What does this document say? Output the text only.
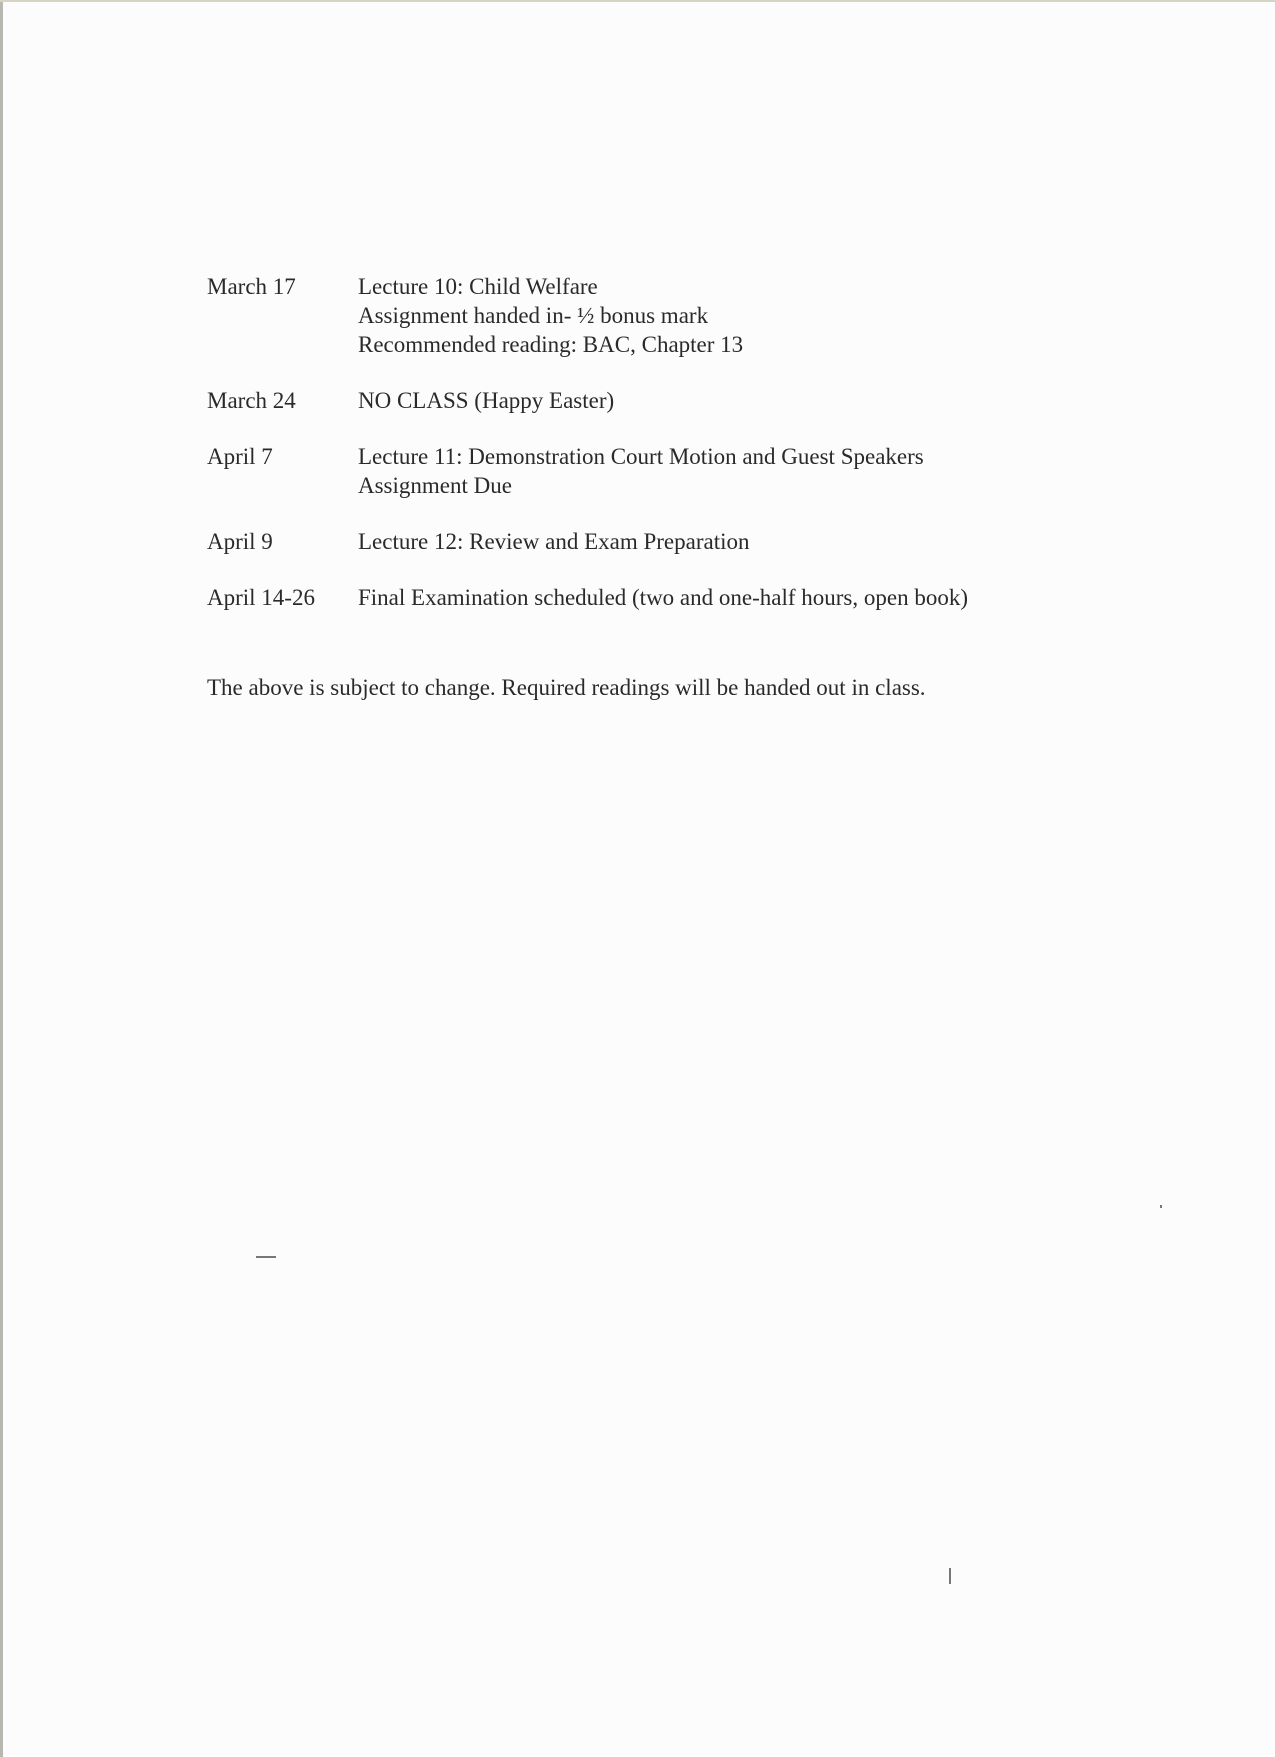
March 17	Lecture 10: Child Welfare
Assignment handed in- ½ bonus mark
Recommended reading: BAC, Chapter 13
March 24	NO CLASS (Happy Easter)
April 7	Lecture 11: Demonstration Court Motion and Guest Speakers
Assignment Due
April 9	Lecture 12: Review and Exam Preparation
April 14-26	Final Examination scheduled (two and one-half hours, open book)
The above is subject to change. Required readings will be handed out in class.
